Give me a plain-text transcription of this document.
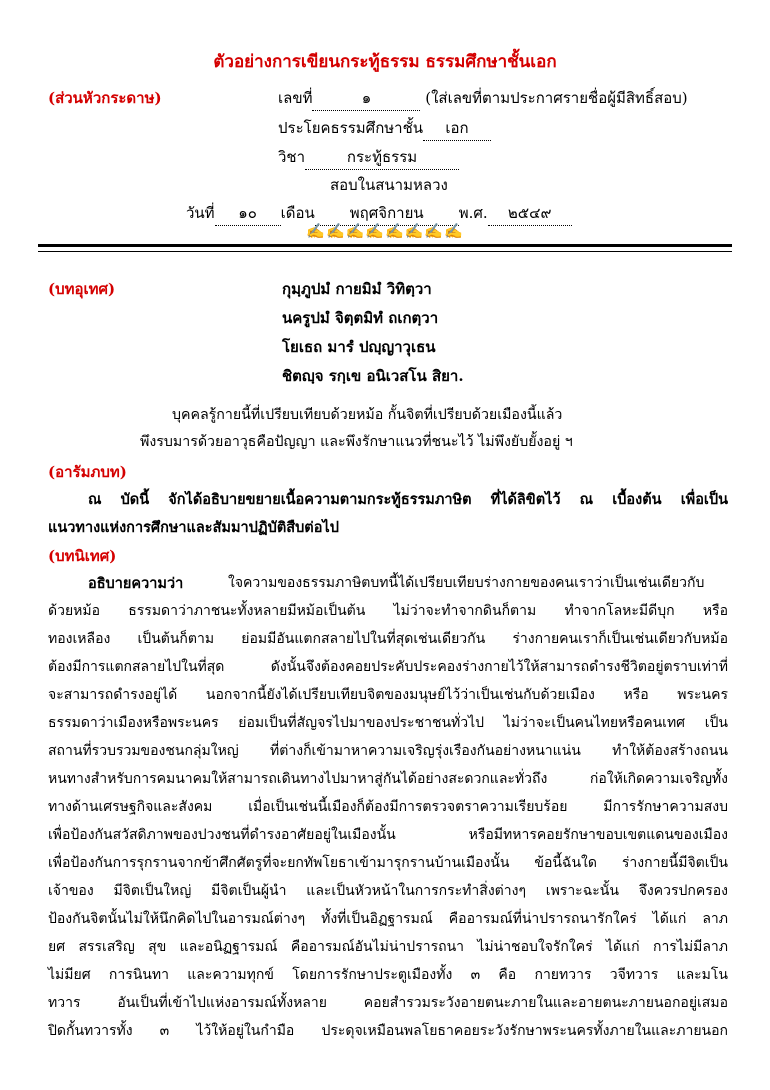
ตัวอย่างการเขียนกระทู้ธรรม ธรรมศึกษาชั้นเอก
(ส่วนหัวกระดาษ)	เลขที่	๑	(ใส่เลขที่ตามประกาศรายชื่อผู้มีสิทธิ์สอบ)
ประโยคธรรมศึกษาชั้น เอก
วิชา	กระทู้ธรรม
สอบในสนามหลวง
วันที่ ๑๐ เดือน พฤศจิกายน พ.ศ. ๒๕๔๙
✍✍✍✍✍✍✍✍
(บทอุเทศ)	กุมฺภูปมํ กายมิมํ วิทิตฺวา
นครูปมํ จิตฺตมิทํ ถเกตฺวา
โยเธถ มารํ ปญฺญาวุเธน
ชิตญฺจ รกฺเข อนิเวสโน สิยา.
บุคคลรู้กายนี้ที่เปรียบเทียบด้วยหม้อ กั้นจิตที่เปรียบด้วยเมืองนี้แล้ว
พึงรบมารด้วยอาวุธคือปัญญา และพึงรักษาแนวที่ชนะไว้ ไม่พึงยับยั้งอยู่ ฯ
(อารัมภบท)
ณ บัดนี้ จักได้อธิบายขยายเนื้อความตามกระทู้ธรรมภาษิต ที่ได้ลิขิตไว้ ณ เบื้องต้น เพื่อเป็น
แนวทางแห่งการศึกษาและสัมมาปฏิบัติสืบต่อไป
(บทนิเทศ)
อธิบายความว่า	ใจความของธรรมภาษิตบทนี้ได้เปรียบเทียบร่างกายของคนเราว่าเป็นเช่นเดียวกับ
ด้วยหม้อ ธรรมดาว่าภาชนะทั้งหลายมีหม้อเป็นต้น ไม่ว่าจะทำจากดินก็ตาม ทำจากโลหะมีดีบุก หรือ
ทองเหลือง เป็นต้นก็ตาม ย่อมมีอันแตกสลายไปในที่สุดเช่นเดียวกัน ร่างกายคนเราก็เป็นเช่นเดียวกับหม้อ
ต้องมีการแตกสลายไปในที่สุด ดังนั้นจึงต้องคอยประคับประคองร่างกายไว้ให้สามารถดำรงชีวิตอยู่ตราบเท่าที่
จะสามารถดำรงอยู่ได้ นอกจากนี้ยังได้เปรียบเทียบจิตของมนุษย์ไว้ว่าเป็นเช่นกับด้วยเมือง หรือ พระนคร
ธรรมดาว่าเมืองหรือพระนคร ย่อมเป็นที่สัญจรไปมาของประชาชนทั่วไป ไม่ว่าจะเป็นคนไทยหรือคนเทศ เป็น
สถานที่รวบรวมของชนกลุ่มใหญ่ ที่ต่างก็เข้ามาหาความเจริญรุ่งเรืองกันอย่างหนาแน่น ทำให้ต้องสร้างถนน
หนทางสำหรับการคมนาคมให้สามารถเดินทางไปมาหาสู่กันได้อย่างสะดวกและทั่วถึง ก่อให้เกิดความเจริญทั้ง
ทางด้านเศรษฐกิจและสังคม เมื่อเป็นเช่นนี้เมืองก็ต้องมีการตรวจตราความเรียบร้อย มีการรักษาความสงบ
เพื่อป้องกันสวัสดิภาพของปวงชนที่ดำรงอาศัยอยู่ในเมืองนั้น หรือมีทหารคอยรักษาขอบเขตแดนของเมือง
เพื่อป้องกันการรุกรานจากข้าศึกศัตรูที่จะยกทัพโยธาเข้ามารุกรานบ้านเมืองนั้น ข้อนี้ฉันใด ร่างกายนี้มีจิตเป็น
เจ้าของ มีจิตเป็นใหญ่ มีจิตเป็นผู้นำ และเป็นหัวหน้าในการกระทำสิ่งต่างๆ เพราะฉะนั้น จึงควรปกครอง
ป้องกันจิตนั้นไม่ให้นึกคิดไปในอารมณ์ต่างๆ ทั้งที่เป็นอิฏฐารมณ์ คืออารมณ์ที่น่าปรารถนารักใคร่ ได้แก่ ลาภ
ยศ สรรเสริญ สุข และอนิฏฐารมณ์ คืออารมณ์อันไม่น่าปรารถนา ไม่น่าชอบใจรักใคร่ ได้แก่ การไม่มีลาภ
ไม่มียศ การนินทา และความทุกข์ โดยการรักษาประตูเมืองทั้ง ๓ คือ กายทวาร วจีทวาร และมโน
ทวาร อันเป็นที่เข้าไปแห่งอารมณ์ทั้งหลาย คอยสำรวมระวังอายตนะภายในและอายตนะภายนอกอยู่เสมอ
ปิดกั้นทวารทั้ง ๓ ไว้ให้อยู่ในกำมือ ประดุจเหมือนพลโยธาคอยระวังรักษาพระนครทั้งภายในและภายนอก
